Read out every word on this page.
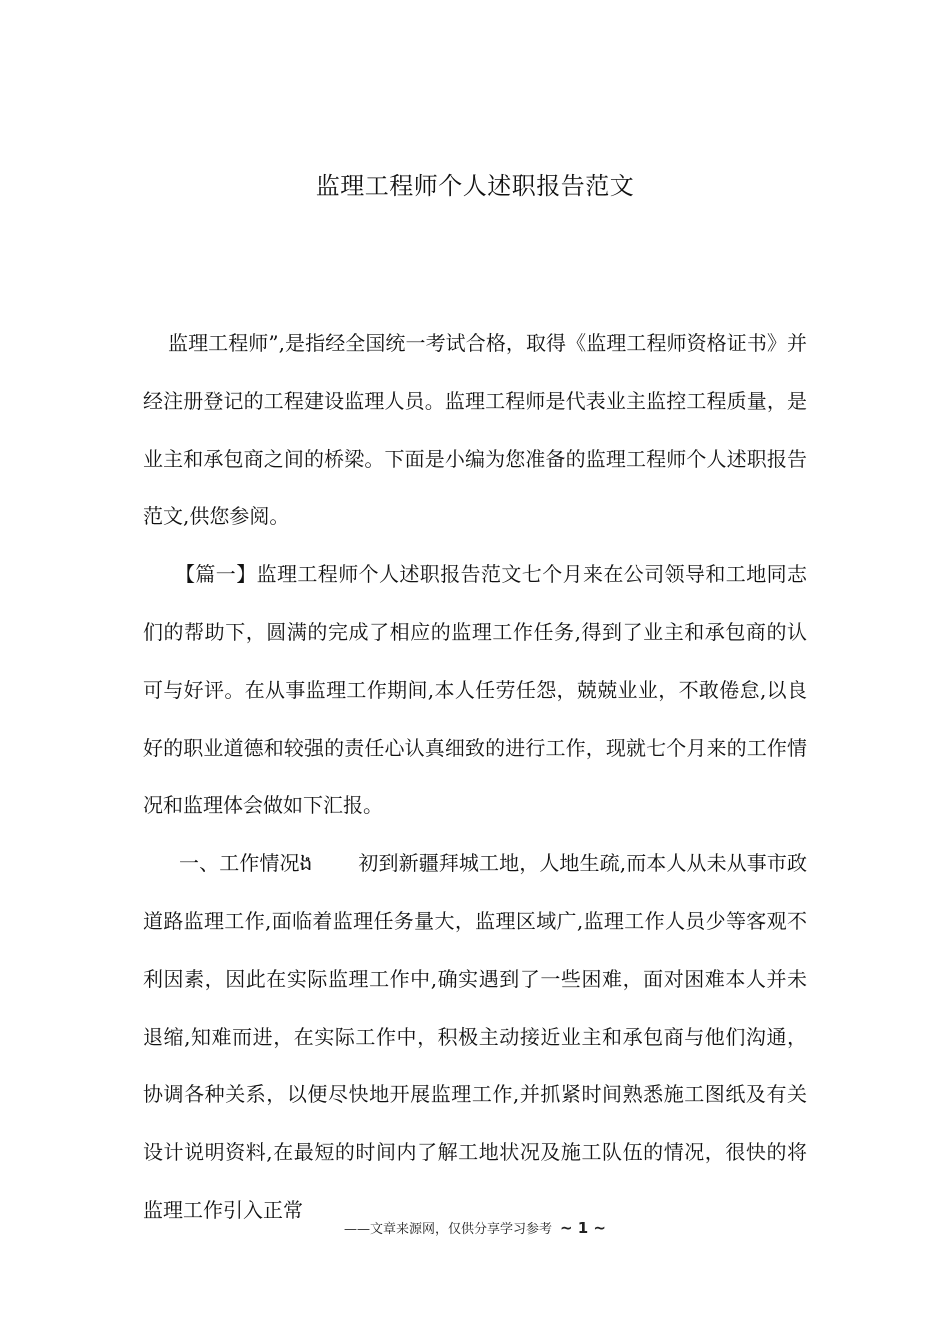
监理工程师个人述职报告范文

监理工程师”,是指经全国统一考试合格，取得《监理工程师资格证书》并经注册登记的工程建设监理人员。监理工程师是代表业主监控工程质量，是业主和承包商之间的桥梁。下面是小编为您准备的监理工程师个人述职报告范文,供您参阅。

【篇一】监理工程师个人述职报告范文七个月来在公司领导和工地同志们的帮助下，圆满的完成了相应的监理工作任务,得到了业主和承包商的认可与好评。在从事监理工作期间,本人任劳任怨，兢兢业业，不敢倦怠,以良好的职业道德和较强的责任心认真细致的进行工作，现就七个月来的工作情况和监理体会做如下汇报。

一、工作情况ង 初到新疆拜城工地，人地生疏,而本人从未从事市政道路监理工作,面临着监理任务量大，监理区域广,监理工作人员少等客观不利因素，因此在实际监理工作中,确实遇到了一些困难，面对困难本人并未退缩,知难而进，在实际工作中，积极主动接近业主和承包商与他们沟通，协调各种关系，以便尽快地开展监理工作,并抓紧时间熟悉施工图纸及有关设计说明资料,在最短的时间内了解工地状况及施工队伍的情况，很快的将监理工作引入正常

——文章来源网，仅供分享学习参考 ~ 1 ~
